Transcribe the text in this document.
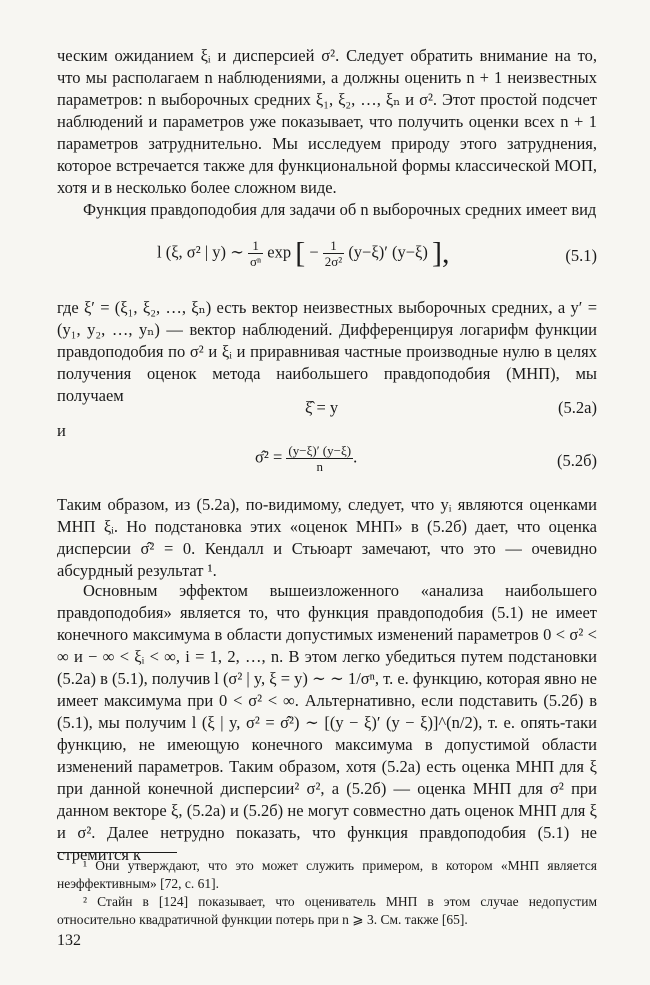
ческим ожиданием ξᵢ и дисперсией σ². Следует обратить внимание на то, что мы располагаем n наблюдениями, а должны оценить n + 1 неизвестных параметров: n выборочных средних ξ₁, ξ₂, …, ξₙ и σ². Этот простой подсчет наблюдений и параметров уже показывает, что получить оценки всех n + 1 параметров затруднительно. Мы исследуем природу этого затруднения, которое встречается также для функциональной формы классической МОП, хотя и в несколько более сложном виде.

Функция правдоподобия для задачи об n выборочных средних имеет вид

l (ξ, σ² | y) ∼ $\frac{1}{\text{σⁿ}}$ exp [ − $\frac{1}{\text{2σ²}} (y-\xi)'$ (y−ξ) ],	(5.1)

где ξ′ = (ξ₁, ξ₂, …, ξₙ) есть вектор неизвестных выборочных средних, а y′ = (y₁, y₂, …, yₙ) — вектор наблюдений. Дифференцируя логарифм функции правдоподобия по σ² и ξᵢ и приравнивая частные производные нулю в целях получения оценок метода наибольшего правдоподобия (МНП), мы получаем

ξ̂ = y	(5.2а)
и
σ̂² = $\frac{(y-\xi)' (y-\xi)}{n}$ .	(5.2б)

Таким образом, из (5.2а), по-видимому, следует, что yᵢ являются оценками МНП ξᵢ. Но подстановка этих «оценок МНП» в (5.2б) дает, что оценка дисперсии σ̂² = 0. Кендалл и Стьюарт замечают, что это — очевидно абсурдный результат ¹.

Основным эффектом вышеизложенного «анализа наибольшего правдоподобия» является то, что функция правдоподобия (5.1) не имеет конечного максимума в области допустимых изменений параметров 0 < σ² < ∞ и − ∞ < ξᵢ < ∞, i = 1, 2, …, n. В этом легко убедиться путем подстановки (5.2а) в (5.1), получив l (σ² | y, ξ = y) ∼ ∼ 1/σⁿ, т. е. функцию, которая явно не имеет максимума при 0 < σ² < ∞. Альтернативно, если подставить (5.2б) в (5.1), мы получим l (ξ | y, σ² = σ̂²) ∼ [(y − ξ)′ (y − ξ)]^(n/2), т. е. опять-таки функцию, не имеющую конечного максимума в допустимой области изменений параметров. Таким образом, хотя (5.2а) есть оценка МНП для ξ при данной конечной дисперсии² σ², а (5.2б) — оценка МНП для σ² при данном векторе ξ, (5.2а) и (5.2б) не могут совместно дать оценок МНП для ξ и σ². Далее нетрудно показать, что функция правдоподобия (5.1) не стремится к

¹ Они утверждают, что это может служить примером, в котором «МНП является неэффективным» [72, с. 61].

² Стайн в [124] показывает, что оцениватель МНП в этом случае недопустим относительно квадратичной функции потерь при n ⩾ 3. См. также [65].

132
